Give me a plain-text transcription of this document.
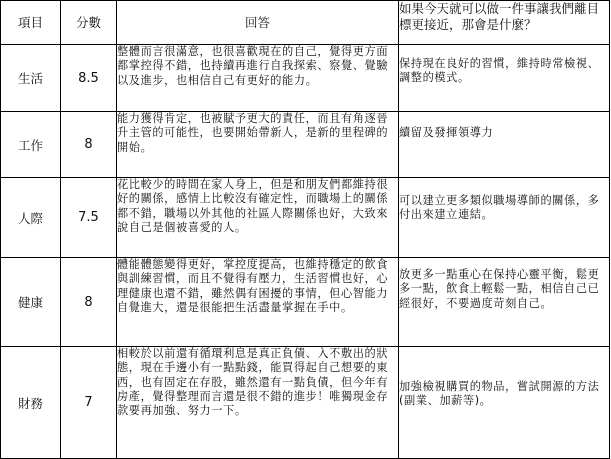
項目	分數	回答	如果今天就可以做一件事讓我們離目標更接近，那會是什麼？
生活	8.5	整體而言很滿意，也很喜歡現在的自己，覺得更方面都掌控得不錯，也持續再進行自我探索、察覺、覺驗以及進步，也相信自己有更好的能力。	保持現在良好的習慣，維持時常檢視、調整的模式。
工作	8	能力獲得肯定，也被賦予更大的責任，而且有角逐晉升主管的可能性，也要開始帶新人，是新的里程碑的開始。	續留及發揮領導力
人際	7.5	花比較少的時間在家人身上，但是和朋友們都維持很好的關係，感情上比較沒有確定性，而職場上的關係都不錯，職場以外其他的社區人際關係也好，大致來說自己是個被喜愛的人。	可以建立更多類似職場導師的關係，多付出來建立連結。
健康	8	體能體態變得更好，掌控度提高，也維持穩定的飲食與訓練習慣，而且不覺得有壓力，生活習慣也好，心理健康也還不錯，雖然偶有困擾的事情，但心智能力自覺進大，還是很能把生活盡量掌握在手中。	放更多一點重心在保持心靈平衡，鬆更多一點，飲食上輕鬆一點，相信自己已經很好，不要過度苛刻自己。
財務	7	相較於以前還有循環利息是真正負債、入不敷出的狀態，現在手邊小有一點點錢，能買得起自己想要的東西，也有固定在存股，雖然還有一點負債，但今年有房產，覺得整理而言還是很不錯的進步！唯獨現金存款要再加強、努力一下。	加強檢視購買的物品，嘗試開源的方法(副業、加薪等)。
